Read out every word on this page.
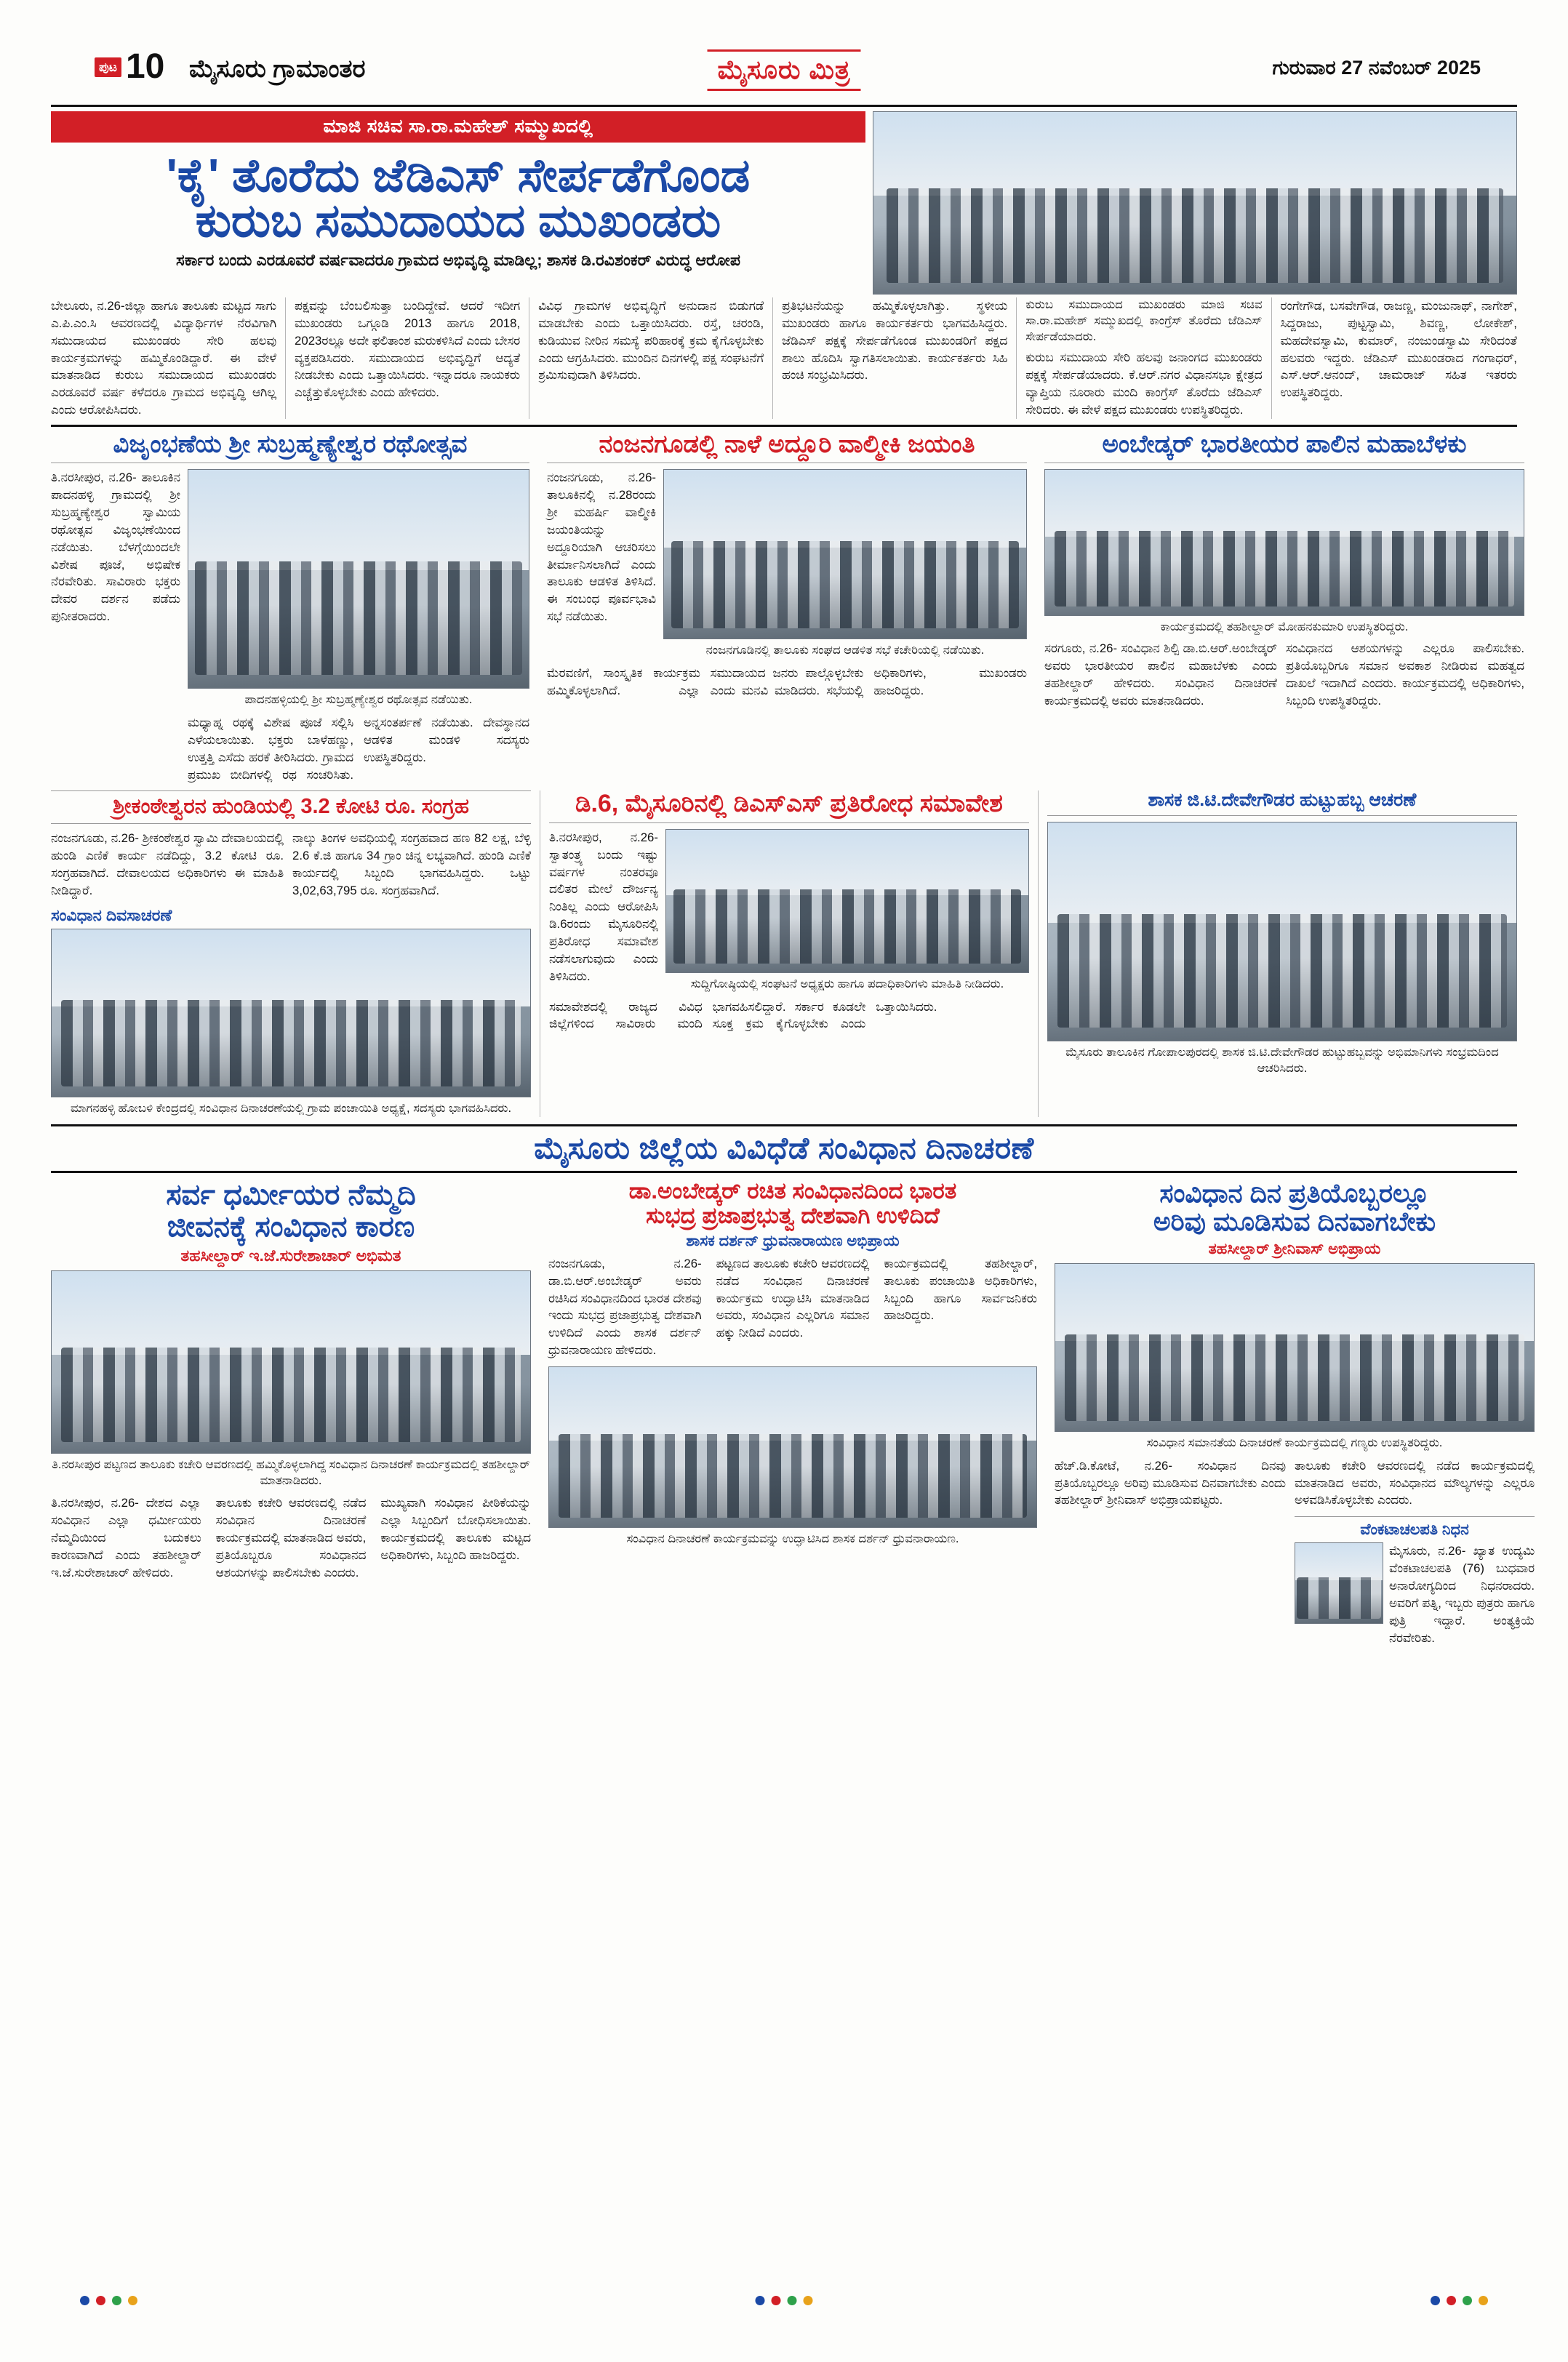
ಪುಟ 10 ಮೈಸೂರು ಗ್ರಾಮಾಂತರ	ಮೈಸೂರು ಮಿತ್ರ	ಗುರುವಾರ 27 ನವೆಂಬರ್ 2025
ಮಾಜಿ ಸಚಿವ ಸಾ.ರಾ.ಮಹೇಶ್ ಸಮ್ಮುಖದಲ್ಲಿ
'ಕೈ' ತೊರೆದು ಜೆಡಿಎಸ್ ಸೇರ್ಪಡೆಗೊಂಡ
ಕುರುಬ ಸಮುದಾಯದ ಮುಖಂಡರು
ಸರ್ಕಾರ ಬಂದು ಎರಡೂವರೆ ವರ್ಷವಾದರೂ ಗ್ರಾಮದ ಅಭಿವೃದ್ಧಿ ಮಾಡಿಲ್ಲ; ಶಾಸಕ ಡಿ.ರವಿಶಂಕರ್ ವಿರುದ್ಧ ಆರೋಪ
ಬೇಲೂರು, ನ.26-ಜಿಲ್ಲಾ ಹಾಗೂ ತಾಲೂಕು ಮಟ್ಟದ ಸಾಗು ಎ.ಪಿ.ಎಂ.ಸಿ ಆವರಣದಲ್ಲಿ ವಿದ್ಯಾರ್ಥಿಗಳ ನೆರವಿಗಾಗಿ ಸಮುದಾಯದ ಮುಖಂಡರು ಸೇರಿ ಹಲವು ಕಾರ್ಯಕ್ರಮಗಳನ್ನು ಹಮ್ಮಿಕೊಂಡಿದ್ದಾರೆ. ಈ ವೇಳೆ ಮಾತನಾಡಿದ ಕುರುಬ ಸಮುದಾಯದ ಮುಖಂಡರು ಎರಡೂವರೆ ವರ್ಷ ಕಳೆದರೂ ಗ್ರಾಮದ ಅಭಿವೃದ್ಧಿ ಆಗಿಲ್ಲ ಎಂದು ಆರೋಪಿಸಿದರು.
ಪಕ್ಷವನ್ನು ಬೆಂಬಲಿಸುತ್ತಾ ಬಂದಿದ್ದೇವೆ. ಆದರೆ ಇದೀಗ ಮುಖಂಡರು ಒಗ್ಗೂಡಿ 2013 ಹಾಗೂ 2018, 2023ರಲ್ಲೂ ಅದೇ ಫಲಿತಾಂಶ ಮರುಕಳಿಸಿದೆ ಎಂದು ಬೇಸರ ವ್ಯಕ್ತಪಡಿಸಿದರು. ಸಮುದಾಯದ ಅಭಿವೃದ್ಧಿಗೆ ಆದ್ಯತೆ ನೀಡಬೇಕು ಎಂದು ಒತ್ತಾಯಿಸಿದರು. ಇನ್ನಾದರೂ ನಾಯಕರು ಎಚ್ಚೆತ್ತುಕೊಳ್ಳಬೇಕು ಎಂದು ಹೇಳಿದರು.
ವಿವಿಧ ಗ್ರಾಮಗಳ ಅಭಿವೃದ್ಧಿಗೆ ಅನುದಾನ ಬಿಡುಗಡೆ ಮಾಡಬೇಕು ಎಂದು ಒತ್ತಾಯಿಸಿದರು. ರಸ್ತೆ, ಚರಂಡಿ, ಕುಡಿಯುವ ನೀರಿನ ಸಮಸ್ಯೆ ಪರಿಹಾರಕ್ಕೆ ಕ್ರಮ ಕೈಗೊಳ್ಳಬೇಕು ಎಂದು ಆಗ್ರಹಿಸಿದರು. ಮುಂದಿನ ದಿನಗಳಲ್ಲಿ ಪಕ್ಷ ಸಂಘಟನೆಗೆ ಶ್ರಮಿಸುವುದಾಗಿ ತಿಳಿಸಿದರು.
ಪ್ರತಿಭಟನೆಯನ್ನು ಹಮ್ಮಿಕೊಳ್ಳಲಾಗಿತ್ತು. ಸ್ಥಳೀಯ ಮುಖಂಡರು ಹಾಗೂ ಕಾರ್ಯಕರ್ತರು ಭಾಗವಹಿಸಿದ್ದರು. ಜೆಡಿಎಸ್ ಪಕ್ಷಕ್ಕೆ ಸೇರ್ಪಡೆಗೊಂಡ ಮುಖಂಡರಿಗೆ ಪಕ್ಷದ ಶಾಲು ಹೊದಿಸಿ ಸ್ವಾಗತಿಸಲಾಯಿತು. ಕಾರ್ಯಕರ್ತರು ಸಿಹಿ ಹಂಚಿ ಸಂಭ್ರಮಿಸಿದರು.
ಕುರುಬ ಸಮುದಾಯದ ಮುಖಂಡರು ಮಾಜಿ ಸಚಿವ ಸಾ.ರಾ.ಮಹೇಶ್ ಸಮ್ಮುಖದಲ್ಲಿ ಕಾಂಗ್ರೆಸ್ ತೊರೆದು ಜೆಡಿಎಸ್ ಸೇರ್ಪಡೆಯಾದರು.
ಕುರುಬ ಸಮುದಾಯ ಸೇರಿ ಹಲವು ಜನಾಂಗದ ಮುಖಂಡರು ಪಕ್ಷಕ್ಕೆ ಸೇರ್ಪಡೆಯಾದರು. ಕೆ.ಆರ್.ನಗರ ವಿಧಾನಸಭಾ ಕ್ಷೇತ್ರದ ವ್ಯಾಪ್ತಿಯ ನೂರಾರು ಮಂದಿ ಕಾಂಗ್ರೆಸ್ ತೊರೆದು ಜೆಡಿಎಸ್ ಸೇರಿದರು. ಈ ವೇಳೆ ಪಕ್ಷದ ಮುಖಂಡರು ಉಪಸ್ಥಿತರಿದ್ದರು.
ರಂಗೇಗೌಡ, ಬಸವೇಗೌಡ, ರಾಜಣ್ಣ, ಮಂಜುನಾಥ್, ನಾಗೇಶ್, ಸಿದ್ದರಾಜು, ಪುಟ್ಟಸ್ವಾಮಿ, ಶಿವಣ್ಣ, ಲೋಕೇಶ್, ಮಹದೇವಸ್ವಾಮಿ, ಕುಮಾರ್, ನಂಜುಂಡಸ್ವಾಮಿ ಸೇರಿದಂತೆ ಹಲವರು ಇದ್ದರು. ಜೆಡಿಎಸ್ ಮುಖಂಡರಾದ ಗಂಗಾಧರ್, ಎಸ್.ಆರ್.ಆನಂದ್, ಚಾಮರಾಜ್ ಸಹಿತ ಇತರರು ಉಪಸ್ಥಿತರಿದ್ದರು.
ವಿಜೃಂಭಣೆಯ ಶ್ರೀ ಸುಬ್ರಹ್ಮಣ್ಯೇಶ್ವರ ರಥೋತ್ಸವ
ತಿ.ನರಸೀಪುರ, ನ.26- ತಾಲೂಕಿನ ಪಾದನಹಳ್ಳಿ ಗ್ರಾಮದಲ್ಲಿ ಶ್ರೀ ಸುಬ್ರಹ್ಮಣ್ಯೇಶ್ವರ ಸ್ವಾಮಿಯ ರಥೋತ್ಸವ ವಿಜೃಂಭಣೆಯಿಂದ ನಡೆಯಿತು. ಬೆಳಗ್ಗೆಯಿಂದಲೇ ವಿಶೇಷ ಪೂಜೆ, ಅಭಿಷೇಕ ನೆರವೇರಿತು. ಸಾವಿರಾರು ಭಕ್ತರು ದೇವರ ದರ್ಶನ ಪಡೆದು ಪುನೀತರಾದರು.
ಪಾದನಹಳ್ಳಿಯಲ್ಲಿ ಶ್ರೀ ಸುಬ್ರಹ್ಮಣ್ಯೇಶ್ವರ ರಥೋತ್ಸವ ನಡೆಯಿತು.
ಮಧ್ಯಾಹ್ನ ರಥಕ್ಕೆ ವಿಶೇಷ ಪೂಜೆ ಸಲ್ಲಿಸಿ ಎಳೆಯಲಾಯಿತು. ಭಕ್ತರು ಬಾಳೆಹಣ್ಣು, ಉತ್ತತ್ತಿ ಎಸೆದು ಹರಕೆ ತೀರಿಸಿದರು. ಗ್ರಾಮದ ಪ್ರಮುಖ ಬೀದಿಗಳಲ್ಲಿ ರಥ ಸಂಚರಿಸಿತು. ಅನ್ನಸಂತರ್ಪಣೆ ನಡೆಯಿತು. ದೇವಸ್ಥಾನದ ಆಡಳಿತ ಮಂಡಳಿ ಸದಸ್ಯರು ಉಪಸ್ಥಿತರಿದ್ದರು.
ನಂಜನಗೂಡಲ್ಲಿ ನಾಳೆ ಅದ್ದೂರಿ ವಾಲ್ಮೀಕಿ ಜಯಂತಿ
ನಂಜನಗೂಡು, ನ.26- ತಾಲೂಕಿನಲ್ಲಿ ನ.28ರಂದು ಶ್ರೀ ಮಹರ್ಷಿ ವಾಲ್ಮೀಕಿ ಜಯಂತಿಯನ್ನು ಅದ್ದೂರಿಯಾಗಿ ಆಚರಿಸಲು ತೀರ್ಮಾನಿಸಲಾಗಿದೆ ಎಂದು ತಾಲೂಕು ಆಡಳಿತ ತಿಳಿಸಿದೆ. ಈ ಸಂಬಂಧ ಪೂರ್ವಭಾವಿ ಸಭೆ ನಡೆಯಿತು.
ನಂಜನಗೂಡಿನಲ್ಲಿ ತಾಲೂಕು ಸಂಘದ ಆಡಳಿತ ಸಭೆ ಕಚೇರಿಯಲ್ಲಿ ನಡೆಯಿತು.
ಮೆರವಣಿಗೆ, ಸಾಂಸ್ಕೃತಿಕ ಕಾರ್ಯಕ್ರಮ ಹಮ್ಮಿಕೊಳ್ಳಲಾಗಿದೆ. ಎಲ್ಲಾ ಸಮುದಾಯದ ಜನರು ಪಾಲ್ಗೊಳ್ಳಬೇಕು ಎಂದು ಮನವಿ ಮಾಡಿದರು. ಸಭೆಯಲ್ಲಿ ಅಧಿಕಾರಿಗಳು, ಮುಖಂಡರು ಹಾಜರಿದ್ದರು.
ಅಂಬೇಡ್ಕರ್ ಭಾರತೀಯರ ಪಾಲಿನ ಮಹಾಬೆಳಕು
ಕಾರ್ಯಕ್ರಮದಲ್ಲಿ ತಹಶೀಲ್ದಾರ್ ಮೋಹನಕುಮಾರಿ ಉಪಸ್ಥಿತರಿದ್ದರು.
ಸರಗೂರು, ನ.26- ಸಂವಿಧಾನ ಶಿಲ್ಪಿ ಡಾ.ಬಿ.ಆರ್.ಅಂಬೇಡ್ಕರ್ ಅವರು ಭಾರತೀಯರ ಪಾಲಿನ ಮಹಾಬೆಳಕು ಎಂದು ತಹಶೀಲ್ದಾರ್ ಹೇಳಿದರು. ಸಂವಿಧಾನ ದಿನಾಚರಣೆ ಕಾರ್ಯಕ್ರಮದಲ್ಲಿ ಅವರು ಮಾತನಾಡಿದರು.
ಸಂವಿಧಾನದ ಆಶಯಗಳನ್ನು ಎಲ್ಲರೂ ಪಾಲಿಸಬೇಕು. ಪ್ರತಿಯೊಬ್ಬರಿಗೂ ಸಮಾನ ಅವಕಾಶ ನೀಡಿರುವ ಮಹತ್ವದ ದಾಖಲೆ ಇದಾಗಿದೆ ಎಂದರು. ಕಾರ್ಯಕ್ರಮದಲ್ಲಿ ಅಧಿಕಾರಿಗಳು, ಸಿಬ್ಬಂದಿ ಉಪಸ್ಥಿತರಿದ್ದರು.
ಶ್ರೀಕಂಠೇಶ್ವರನ ಹುಂಡಿಯಲ್ಲಿ 3.2 ಕೋಟಿ ರೂ. ಸಂಗ್ರಹ
ನಂಜನಗೂಡು, ನ.26- ಶ್ರೀಕಂಠೇಶ್ವರ ಸ್ವಾಮಿ ದೇವಾಲಯದಲ್ಲಿ ಹುಂಡಿ ಎಣಿಕೆ ಕಾರ್ಯ ನಡೆದಿದ್ದು, 3.2 ಕೋಟಿ ರೂ. ಸಂಗ್ರಹವಾಗಿದೆ. ದೇವಾಲಯದ ಅಧಿಕಾರಿಗಳು ಈ ಮಾಹಿತಿ ನೀಡಿದ್ದಾರೆ.
ನಾಲ್ಕು ತಿಂಗಳ ಅವಧಿಯಲ್ಲಿ ಸಂಗ್ರಹವಾದ ಹಣ 82 ಲಕ್ಷ, ಬೆಳ್ಳಿ 2.6 ಕೆ.ಜಿ ಹಾಗೂ 34 ಗ್ರಾಂ ಚಿನ್ನ ಲಭ್ಯವಾಗಿದೆ. ಹುಂಡಿ ಎಣಿಕೆ ಕಾರ್ಯದಲ್ಲಿ ಸಿಬ್ಬಂದಿ ಭಾಗವಹಿಸಿದ್ದರು. ಒಟ್ಟು 3,02,63,795 ರೂ. ಸಂಗ್ರಹವಾಗಿದೆ.
ಸಂವಿಧಾನ ದಿವಸಾಚರಣೆ
ಮಾಗನಹಳ್ಳಿ ಹೋಬಳಿ ಕೇಂದ್ರದಲ್ಲಿ ಸಂವಿಧಾನ ದಿನಾಚರಣೆಯಲ್ಲಿ ಗ್ರಾಮ ಪಂಚಾಯಿತಿ ಅಧ್ಯಕ್ಷೆ, ಸದಸ್ಯರು ಭಾಗವಹಿಸಿದರು.
ಡಿ.6, ಮೈಸೂರಿನಲ್ಲಿ ಡಿಎಸ್‌ಎಸ್ ಪ್ರತಿರೋಧ ಸಮಾವೇಶ
ತಿ.ನರಸೀಪುರ, ನ.26- ಸ್ವಾತಂತ್ರ್ಯ ಬಂದು ಇಷ್ಟು ವರ್ಷಗಳ ನಂತರವೂ ದಲಿತರ ಮೇಲೆ ದೌರ್ಜನ್ಯ ನಿಂತಿಲ್ಲ ಎಂದು ಆರೋಪಿಸಿ ಡಿ.6ರಂದು ಮೈಸೂರಿನಲ್ಲಿ ಪ್ರತಿರೋಧ ಸಮಾವೇಶ ನಡೆಸಲಾಗುವುದು ಎಂದು ತಿಳಿಸಿದರು.
ಸುದ್ದಿಗೋಷ್ಠಿಯಲ್ಲಿ ಸಂಘಟನೆ ಅಧ್ಯಕ್ಷರು ಹಾಗೂ ಪದಾಧಿಕಾರಿಗಳು ಮಾಹಿತಿ ನೀಡಿದರು.
ಸಮಾವೇಶದಲ್ಲಿ ರಾಜ್ಯದ ವಿವಿಧ ಜಿಲ್ಲೆಗಳಿಂದ ಸಾವಿರಾರು ಮಂದಿ ಭಾಗವಹಿಸಲಿದ್ದಾರೆ. ಸರ್ಕಾರ ಕೂಡಲೇ ಸೂಕ್ತ ಕ್ರಮ ಕೈಗೊಳ್ಳಬೇಕು ಎಂದು ಒತ್ತಾಯಿಸಿದರು.
ಶಾಸಕ ಜಿ.ಟಿ.ದೇವೇಗೌಡರ ಹುಟ್ಟುಹಬ್ಬ ಆಚರಣೆ
ಮೈಸೂರು ತಾಲೂಕಿನ ಗೋಪಾಲಪುರದಲ್ಲಿ ಶಾಸಕ ಜಿ.ಟಿ.ದೇವೇಗೌಡರ ಹುಟ್ಟುಹಬ್ಬವನ್ನು ಅಭಿಮಾನಿಗಳು ಸಂಭ್ರಮದಿಂದ ಆಚರಿಸಿದರು.
ಮೈಸೂರು ಜಿಲ್ಲೆಯ ವಿವಿಧೆಡೆ ಸಂವಿಧಾನ ದಿನಾಚರಣೆ
ಸರ್ವ ಧರ್ಮೀಯರ ನೆಮ್ಮದಿ
ಜೀವನಕ್ಕೆ ಸಂವಿಧಾನ ಕಾರಣ
ತಹಸೀಲ್ದಾರ್ ಇ.ಜೆ.ಸುರೇಶಾಚಾರ್ ಅಭಿಮತ
ತಿ.ನರಸೀಪುರ ಪಟ್ಟಣದ ತಾಲೂಕು ಕಚೇರಿ ಆವರಣದಲ್ಲಿ ಹಮ್ಮಿಕೊಳ್ಳಲಾಗಿದ್ದ ಸಂವಿಧಾನ ದಿನಾಚರಣೆ ಕಾರ್ಯಕ್ರಮದಲ್ಲಿ ತಹಶೀಲ್ದಾರ್ ಮಾತನಾಡಿದರು.
ತಿ.ನರಸೀಪುರ, ನ.26- ದೇಶದ ಎಲ್ಲಾ ಸಂವಿಧಾನ ಎಲ್ಲಾ ಧರ್ಮೀಯರು ನೆಮ್ಮದಿಯಿಂದ ಬದುಕಲು ಕಾರಣವಾಗಿದೆ ಎಂದು ತಹಶೀಲ್ದಾರ್ ಇ.ಜೆ.ಸುರೇಶಾಚಾರ್ ಹೇಳಿದರು.
ತಾಲೂಕು ಕಚೇರಿ ಆವರಣದಲ್ಲಿ ನಡೆದ ಸಂವಿಧಾನ ದಿನಾಚರಣೆ ಕಾರ್ಯಕ್ರಮದಲ್ಲಿ ಮಾತನಾಡಿದ ಅವರು, ಪ್ರತಿಯೊಬ್ಬರೂ ಸಂವಿಧಾನದ ಆಶಯಗಳನ್ನು ಪಾಲಿಸಬೇಕು ಎಂದರು.
ಮುಖ್ಯವಾಗಿ ಸಂವಿಧಾನ ಪೀಠಿಕೆಯನ್ನು ಎಲ್ಲಾ ಸಿಬ್ಬಂದಿಗೆ ಬೋಧಿಸಲಾಯಿತು. ಕಾರ್ಯಕ್ರಮದಲ್ಲಿ ತಾಲೂಕು ಮಟ್ಟದ ಅಧಿಕಾರಿಗಳು, ಸಿಬ್ಬಂದಿ ಹಾಜರಿದ್ದರು.
ಡಾ.ಅಂಬೇಡ್ಕರ್ ರಚಿತ ಸಂವಿಧಾನದಿಂದ ಭಾರತ
ಸುಭದ್ರ ಪ್ರಜಾಪ್ರಭುತ್ವ ದೇಶವಾಗಿ ಉಳಿದಿದೆ
ಶಾಸಕ ದರ್ಶನ್ ಧ್ರುವನಾರಾಯಣ ಅಭಿಪ್ರಾಯ
ನಂಜನಗೂಡು, ನ.26- ಡಾ.ಬಿ.ಆರ್.ಅಂಬೇಡ್ಕರ್ ಅವರು ರಚಿಸಿದ ಸಂವಿಧಾನದಿಂದ ಭಾರತ ದೇಶವು ಇಂದು ಸುಭದ್ರ ಪ್ರಜಾಪ್ರಭುತ್ವ ದೇಶವಾಗಿ ಉಳಿದಿದೆ ಎಂದು ಶಾಸಕ ದರ್ಶನ್ ಧ್ರುವನಾರಾಯಣ ಹೇಳಿದರು.
ಪಟ್ಟಣದ ತಾಲೂಕು ಕಚೇರಿ ಆವರಣದಲ್ಲಿ ನಡೆದ ಸಂವಿಧಾನ ದಿನಾಚರಣೆ ಕಾರ್ಯಕ್ರಮ ಉದ್ಘಾಟಿಸಿ ಮಾತನಾಡಿದ ಅವರು, ಸಂವಿಧಾನ ಎಲ್ಲರಿಗೂ ಸಮಾನ ಹಕ್ಕು ನೀಡಿದೆ ಎಂದರು.
ಕಾರ್ಯಕ್ರಮದಲ್ಲಿ ತಹಶೀಲ್ದಾರ್, ತಾಲೂಕು ಪಂಚಾಯಿತಿ ಅಧಿಕಾರಿಗಳು, ಸಿಬ್ಬಂದಿ ಹಾಗೂ ಸಾರ್ವಜನಿಕರು ಹಾಜರಿದ್ದರು.
ಸಂವಿಧಾನ ದಿನಾಚರಣೆ ಕಾರ್ಯಕ್ರಮವನ್ನು ಉದ್ಘಾಟಿಸಿದ ಶಾಸಕ ದರ್ಶನ್ ಧ್ರುವನಾರಾಯಣ.
ಸಂವಿಧಾನ ದಿನ ಪ್ರತಿಯೊಬ್ಬರಲ್ಲೂ
ಅರಿವು ಮೂಡಿಸುವ ದಿನವಾಗಬೇಕು
ತಹಸೀಲ್ದಾರ್ ಶ್ರೀನಿವಾಸ್ ಅಭಿಪ್ರಾಯ
ಸಂವಿಧಾನ ಸಮಾನತೆಯ ದಿನಾಚರಣೆ ಕಾರ್ಯಕ್ರಮದಲ್ಲಿ ಗಣ್ಯರು ಉಪಸ್ಥಿತರಿದ್ದರು.
ಹೆಚ್.ಡಿ.ಕೋಟೆ, ನ.26- ಸಂವಿಧಾನ ದಿನವು ಪ್ರತಿಯೊಬ್ಬರಲ್ಲೂ ಅರಿವು ಮೂಡಿಸುವ ದಿನವಾಗಬೇಕು ಎಂದು ತಹಶೀಲ್ದಾರ್ ಶ್ರೀನಿವಾಸ್ ಅಭಿಪ್ರಾಯಪಟ್ಟರು.
ತಾಲೂಕು ಕಚೇರಿ ಆವರಣದಲ್ಲಿ ನಡೆದ ಕಾರ್ಯಕ್ರಮದಲ್ಲಿ ಮಾತನಾಡಿದ ಅವರು, ಸಂವಿಧಾನದ ಮೌಲ್ಯಗಳನ್ನು ಎಲ್ಲರೂ ಅಳವಡಿಸಿಕೊಳ್ಳಬೇಕು ಎಂದರು.
ವೆಂಕಟಾಚಲಪತಿ ನಿಧನ
ಮೈಸೂರು, ನ.26- ಖ್ಯಾತ ಉದ್ಯಮಿ ವೆಂಕಟಾಚಲಪತಿ (76) ಬುಧವಾರ ಅನಾರೋಗ್ಯದಿಂದ ನಿಧನರಾದರು. ಅವರಿಗೆ ಪತ್ನಿ, ಇಬ್ಬರು ಪುತ್ರರು ಹಾಗೂ ಪುತ್ರಿ ಇದ್ದಾರೆ. ಅಂತ್ಯಕ್ರಿಯೆ ನೆರವೇರಿತು.
